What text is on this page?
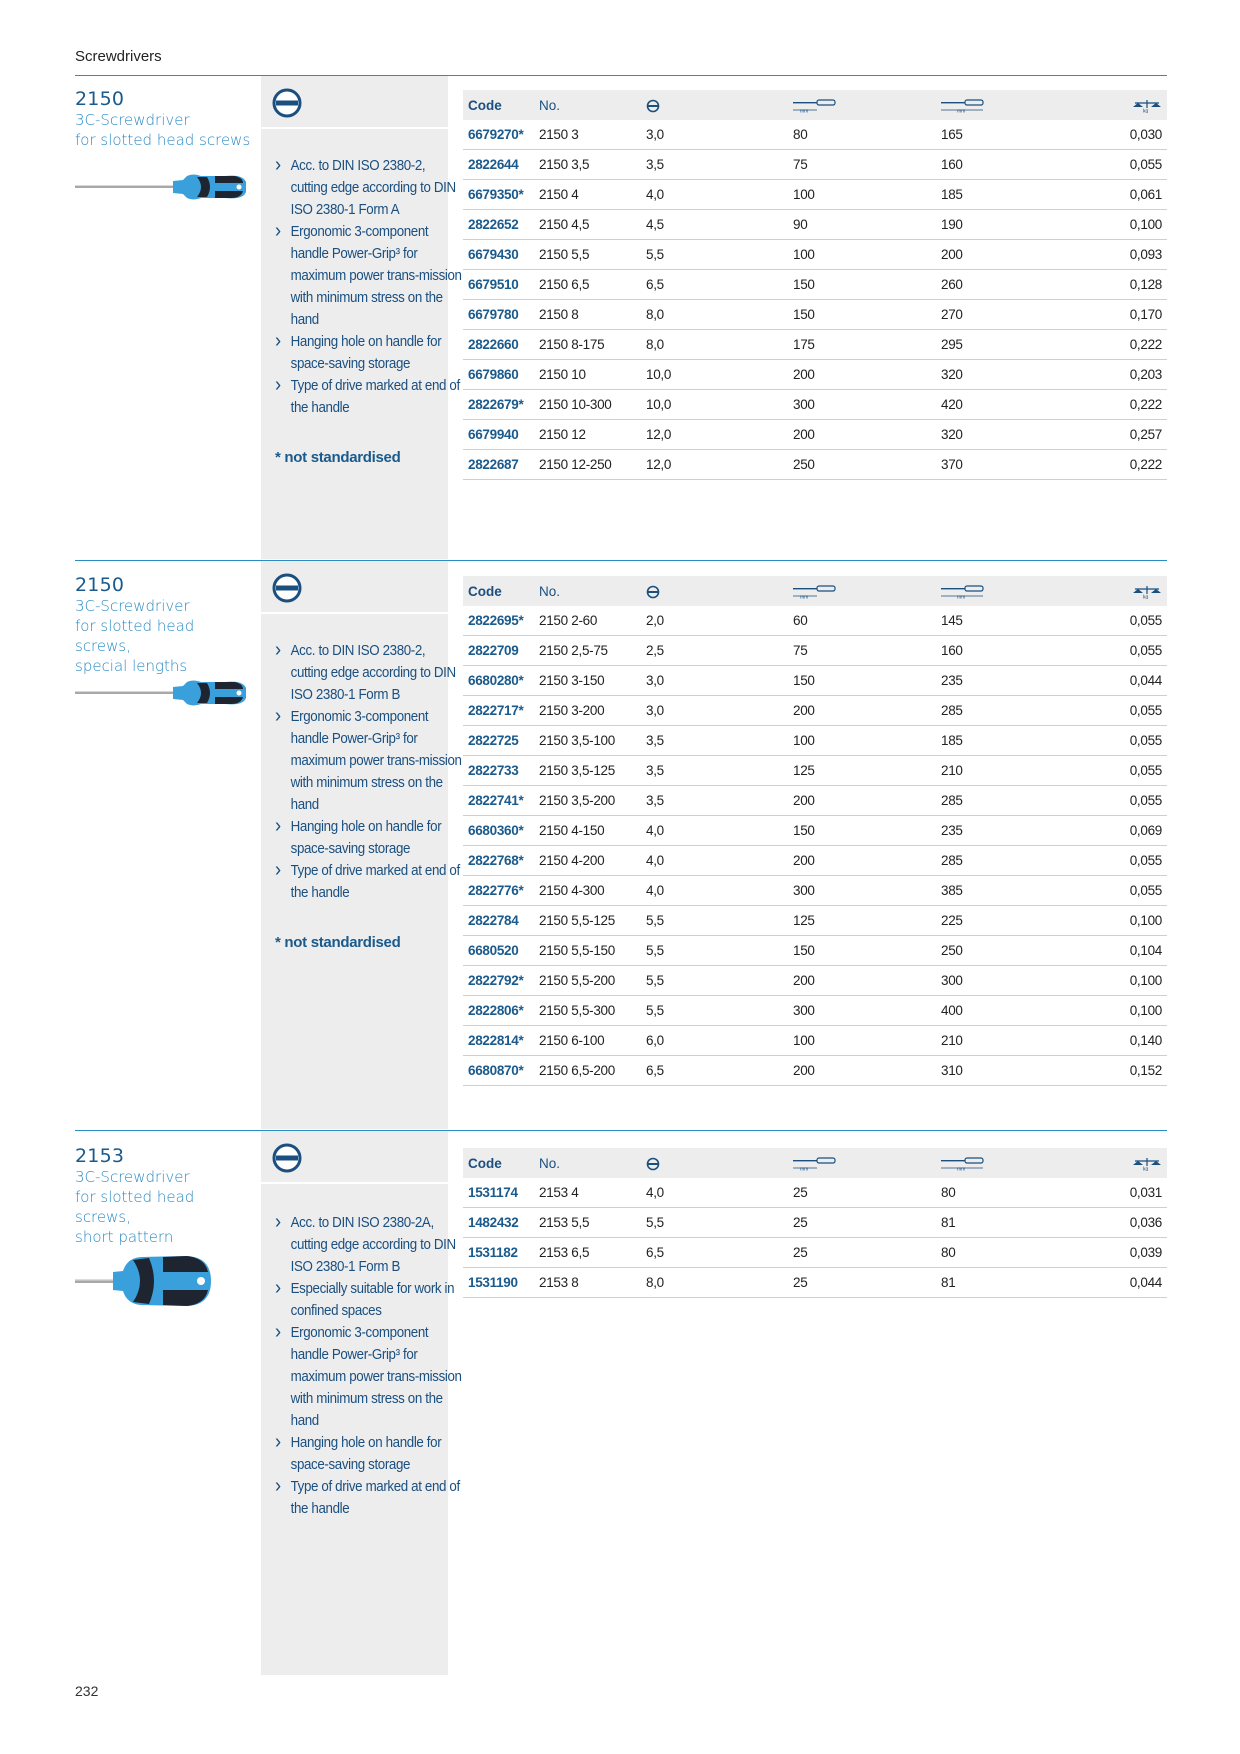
Screwdrivers
2150
3C-Screwdriver
for slotted head screws
› Acc. to DIN ISO 2380-2, cutting edge according to DIN ISO 2380-1 Form A
› Ergonomic 3-component handle Power-Grip³ for maximum power trans-mission with minimum stress on the hand
› Hanging hole on handle for space-saving storage
› Type of drive marked at end of the handle
* not standardised
Code	No.		mm	mm	kg

6679270*	2150 3	3,0	80	165	0,030
2822644	2150 3,5	3,5	75	160	0,055
6679350*	2150 4	4,0	100	185	0,061
2822652	2150 4,5	4,5	90	190	0,100
6679430	2150 5,5	5,5	100	200	0,093
6679510	2150 6,5	6,5	150	260	0,128
6679780	2150 8	8,0	150	270	0,170
2822660	2150 8-175	8,0	175	295	0,222
6679860	2150 10	10,0	200	320	0,203
2822679*	2150 10-300	10,0	300	420	0,222
6679940	2150 12	12,0	200	320	0,257
2822687	2150 12-250	12,0	250	370	0,222
2150
3C-Screwdriver
for slotted head screws,
special lengths
› Acc. to DIN ISO 2380-2, cutting edge according to DIN ISO 2380-1 Form B
› Ergonomic 3-component handle Power-Grip³ for maximum power trans-mission with minimum stress on the hand
› Hanging hole on handle for space-saving storage
› Type of drive marked at end of the handle
* not standardised
Code	No.		mm	mm	kg

2822695*	2150 2-60	2,0	60	145	0,055
2822709	2150 2,5-75	2,5	75	160	0,055
6680280*	2150 3-150	3,0	150	235	0,044
2822717*	2150 3-200	3,0	200	285	0,055
2822725	2150 3,5-100	3,5	100	185	0,055
2822733	2150 3,5-125	3,5	125	210	0,055
2822741*	2150 3,5-200	3,5	200	285	0,055
6680360*	2150 4-150	4,0	150	235	0,069
2822768*	2150 4-200	4,0	200	285	0,055
2822776*	2150 4-300	4,0	300	385	0,055
2822784	2150 5,5-125	5,5	125	225	0,100
6680520	2150 5,5-150	5,5	150	250	0,104
2822792*	2150 5,5-200	5,5	200	300	0,100
2822806*	2150 5,5-300	5,5	300	400	0,100
2822814*	2150 6-100	6,0	100	210	0,140
6680870*	2150 6,5-200	6,5	200	310	0,152
2153
3C-Screwdriver
for slotted head screws,
short pattern
› Acc. to DIN ISO 2380-2A, cutting edge according to DIN ISO 2380-1 Form B
› Especially suitable for work in confined spaces
› Ergonomic 3-component handle Power-Grip³ for maximum power trans-mission with minimum stress on the hand
› Hanging hole on handle for space-saving storage
› Type of drive marked at end of the handle
Code	No.		mm	mm	kg

1531174	2153 4	4,0	25	80	0,031
1482432	2153 5,5	5,5	25	81	0,036
1531182	2153 6,5	6,5	25	80	0,039
1531190	2153 8	8,0	25	81	0,044
232
